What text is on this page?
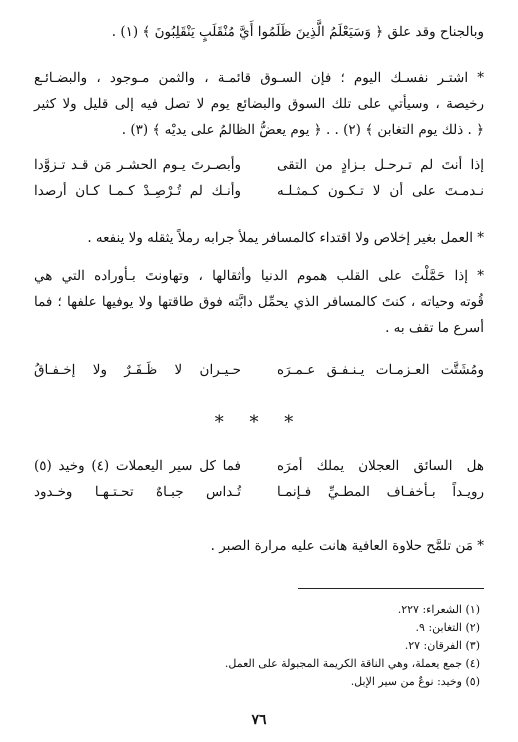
وبالجناح وقد علق ﴿ وَسَيَعْلَمُ الَّذِينَ ظَلَمُوا أَيَّ مُنْقَلَبٍ يَنْقَلِبُونَ ﴾ (١) .
* اشتـر نفسـك اليوم ؛ فإن السـوق قائمـة ، والثمن مـوجود ، والبضـائـع
رخيصة ، وسيأتي على تلك السوق والبضائع يوم لا تصل فيه إلى قليل ولا كثير
﴿ . ذلك يوم التغابن ﴾ (٢) . . ﴿ يوم يعضُّ الظالمُ على يديْه ﴾ (٣) .
إذا أنتَ لم تـرحـل بـزادٍ من التقى
وأبصـرتَ يـوم الحشـر مَن قـد تـزوَّدا
نـدمـتَ على أن لا تـكـون كـمثـلـه
وأنـك لم تُـرْصِـدْ كـمـا كـان أرصدا
* العمل بغير إخلاص ولا اقتداء كالمسافر يملأ جرابه رملاً يثقله ولا ينفعه .
* إذا حَمَّلْتَ على القلب هموم الدنيا وأثقالها ، وتهاونتَ بـأوراده التي هي
قُوته وحياته ، كنتَ كالمسافر الذي يحمِّل دابَّته فوق طاقتها ولا يوفيها علفها ؛ فما
أسرع ما تقف به .
ومُشَتَّت العـزمـات يـنـفـق عـمـرَه
حـيـران لا ظَـفَـرٌ ولا إخـفـاقُ
* * *
هل السائق العجلان يملك أمرَه
فما كل سير اليعملات (٤) وخيد (٥)
رويـداً بـأخفـاف المطـيِّ فـإنمـا
تُـداس جبـاهٌ تحـتـهـا وخـدود
* مَن تلمَّح حلاوة العافية هانت عليه مرارة الصبر .
(١) الشعراء: ٢٢٧.
(٢) التغابن: ٩.
(٣) الفرقان: ٢٧.
(٤) جمع يعملة، وهي الناقة الكريمة المجبولة على العمل.
(٥) وخيد: نوعٌ من سير الإبل.
٧٦
